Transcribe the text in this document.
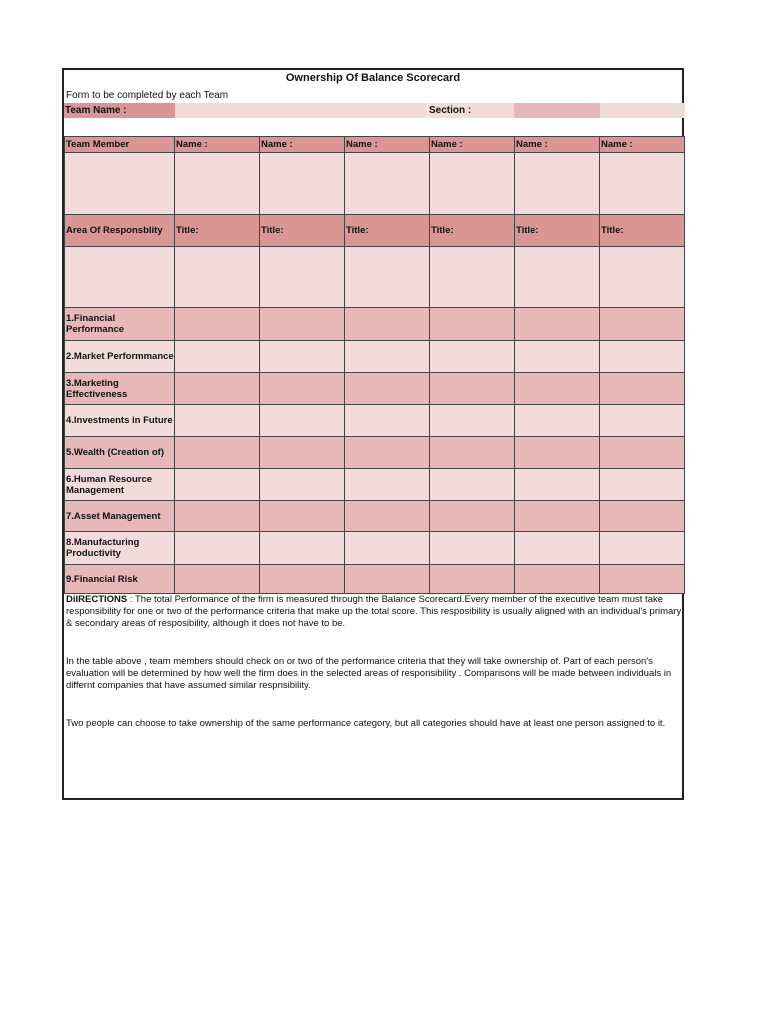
Ownership Of Balance Scorecard
Form to be completed by each Team
Team Name :	Section :
Team Member	Name :	Name :	Name :	Name :	Name :	Name :

Area Of Responsblity	Title:	Title:	Title:	Title:	Title:	Title:

1.Financial Performance						
2.Market Performmance						
3.Marketing Effectiveness						
4.Investments in Future						
5.Wealth (Creation of)						
6.Human Resource Management						
7.Asset Management						
8.Manufacturing Productivity						
9.Financial Risk						

DiIRECTIONS : The total Performance of the firm is measured through the Balance Scorecard.Every member of the executive team must take responsibility for one or two of the performance criteria that make up the total score. This resposibility is usually aligned with an individual's primary & secondary areas of resposibility, although it does not have to be.

In the table above , team members should check on or two of the performance criteria that they will take ownership of. Part of each person's evaluation will be determined by how well the firm does in the selected areas of responsibility . Comparisons will be made between individuals in differnt companies that have assumed similar respnsibility.

Two people can choose to take ownership of the same performance category, but all categories should have at least one person assigned to it.
